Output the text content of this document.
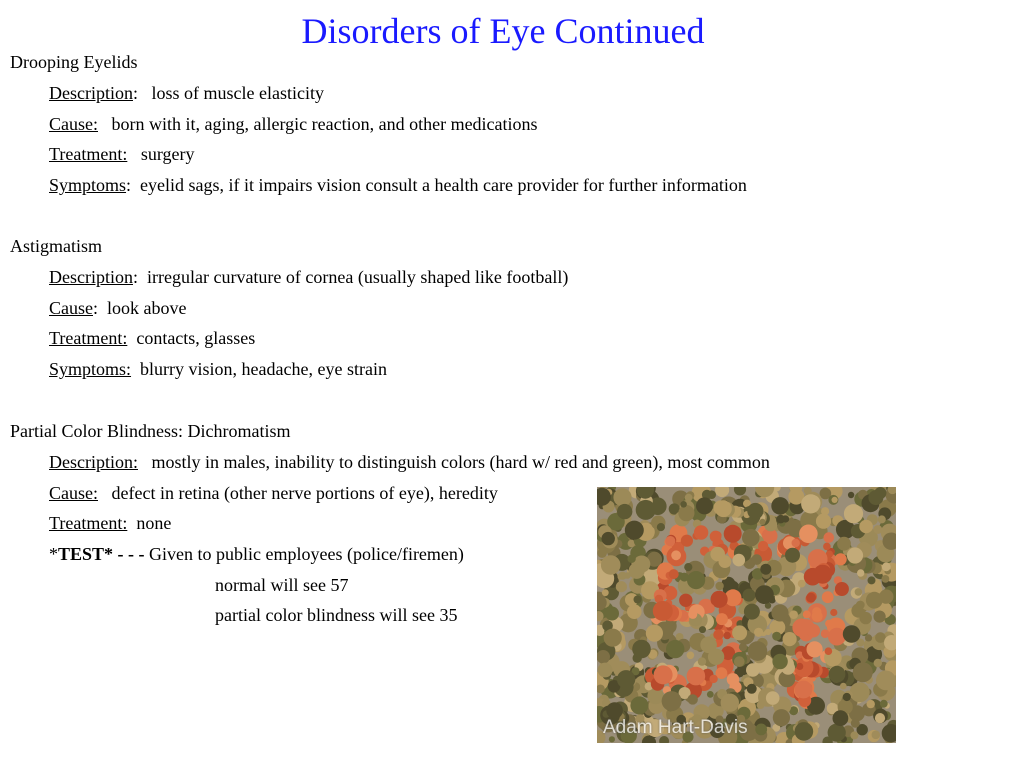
Disorders of Eye Continued
Drooping Eyelids
Description:   loss of muscle elasticity
Cause:   born with it, aging, allergic reaction, and other medications
Treatment:   surgery
Symptoms:  eyelid sags, if it impairs vision consult a health care provider for further information
Astigmatism
Description:  irregular curvature of cornea (usually shaped like football)
Cause:  look above
Treatment:  contacts, glasses
Symptoms:  blurry vision, headache, eye strain
Partial Color Blindness: Dichromatism
Description:   mostly in males, inability to distinguish colors (hard w/ red and green), most common
Cause:   defect in retina (other nerve portions of eye), heredity
Treatment:  none
*TEST* - - - Given to public employees (police/firemen)
normal will see 57
partial color blindness will see 35
Adam Hart-Davis
